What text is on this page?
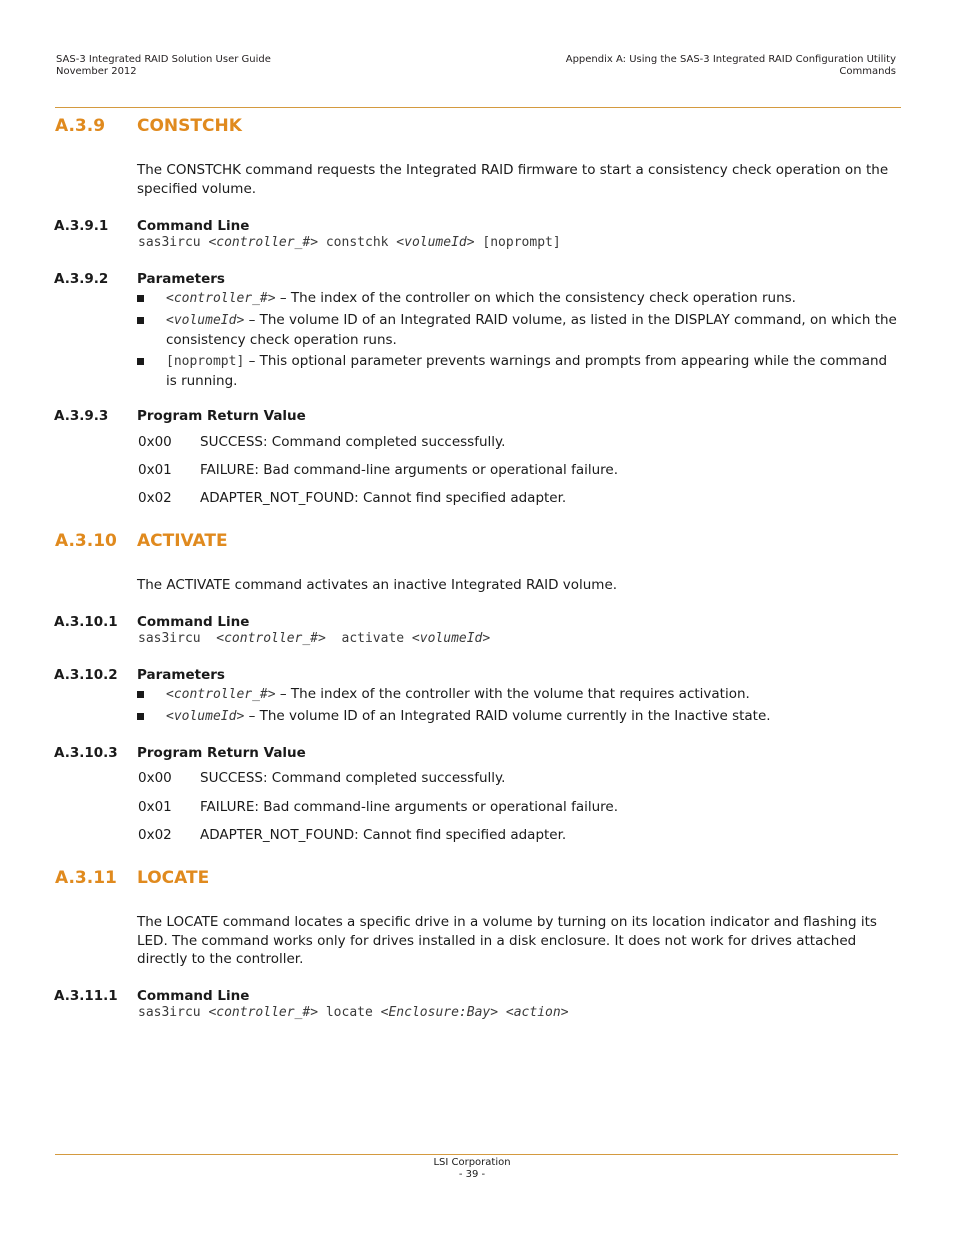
SAS-3 Integrated RAID Solution User Guide
November 2012
Appendix A: Using the SAS-3 Integrated RAID Configuration Utility
Commands
A.3.9 CONSTCHK
The CONSTCHK command requests the Integrated RAID firmware to start a consistency check operation on the specified volume.
A.3.9.1 Command Line
sas3ircu <controller_#> constchk <volumeId> [noprompt]
A.3.9.2 Parameters
<controller_#> – The index of the controller on which the consistency check operation runs.
<volumeId> – The volume ID of an Integrated RAID volume, as listed in the DISPLAY command, on which the consistency check operation runs.
[noprompt] – This optional parameter prevents warnings and prompts from appearing while the command is running.
A.3.9.3 Program Return Value
0x00 SUCCESS: Command completed successfully.
0x01 FAILURE: Bad command-line arguments or operational failure.
0x02 ADAPTER_NOT_FOUND: Cannot find specified adapter.
A.3.10 ACTIVATE
The ACTIVATE command activates an inactive Integrated RAID volume.
A.3.10.1 Command Line
sas3ircu  <controller_#>  activate <volumeId>
A.3.10.2 Parameters
<controller_#> – The index of the controller with the volume that requires activation.
<volumeId> – The volume ID of an Integrated RAID volume currently in the Inactive state.
A.3.10.3 Program Return Value
0x00 SUCCESS: Command completed successfully.
0x01 FAILURE: Bad command-line arguments or operational failure.
0x02 ADAPTER_NOT_FOUND: Cannot find specified adapter.
A.3.11 LOCATE
The LOCATE command locates a specific drive in a volume by turning on its location indicator and flashing its LED. The command works only for drives installed in a disk enclosure. It does not work for drives attached directly to the controller.
A.3.11.1 Command Line
sas3ircu <controller_#> locate <Enclosure:Bay> <action>
LSI Corporation
- 39 -
